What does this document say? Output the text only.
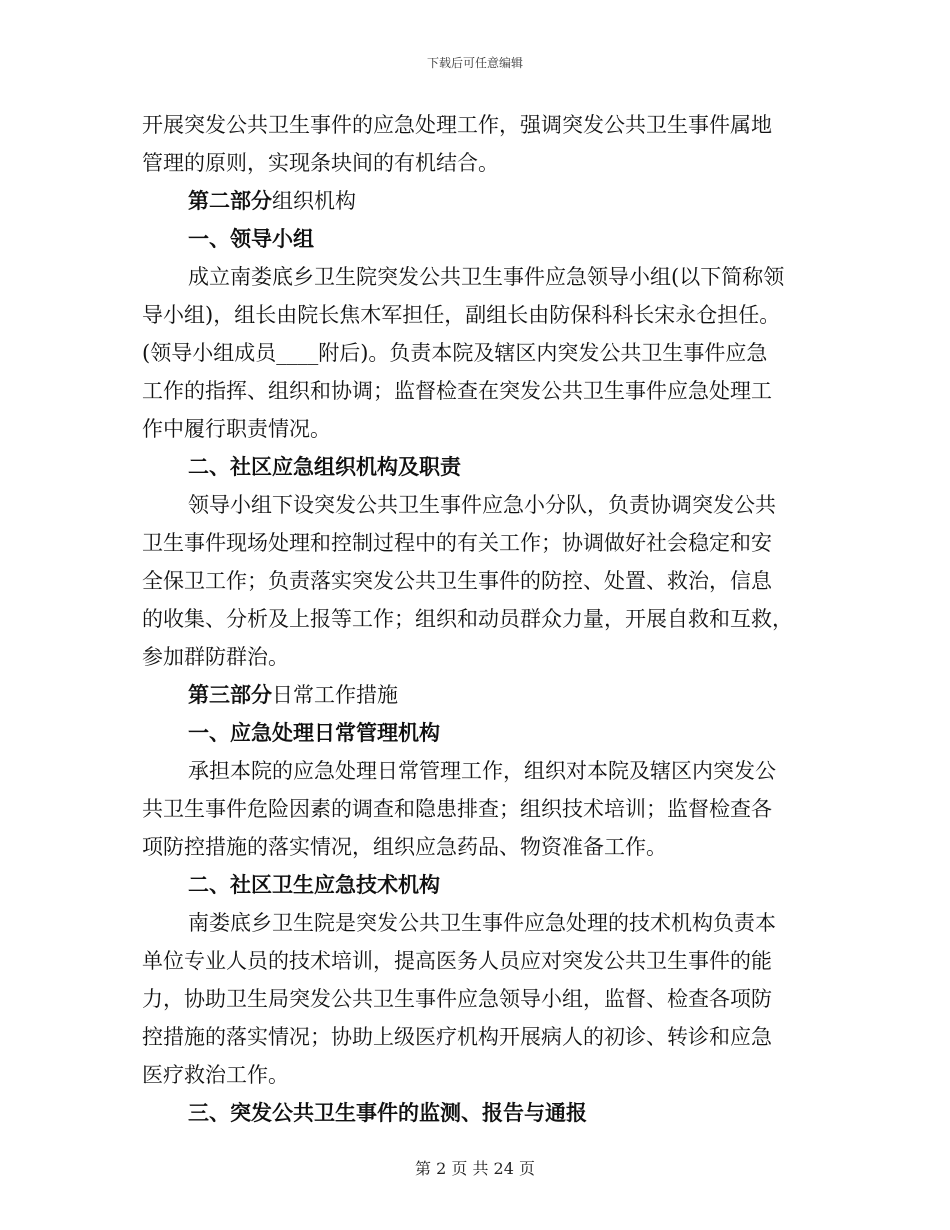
下载后可任意编辑
开展突发公共卫生事件的应急处理工作，强调突发公共卫生事件属地
管理的原则，实现条块间的有机结合。
第二部分组织机构
一、领导小组
成立南娄底乡卫生院突发公共卫生事件应急领导小组(以下简称领
导小组)，组长由院长焦木军担任，副组长由防保科科长宋永仓担任。
(领导小组成员____附后)。负责本院及辖区内突发公共卫生事件应急
工作的指挥、组织和协调；监督检查在突发公共卫生事件应急处理工
作中履行职责情况。
二、社区应急组织机构及职责
领导小组下设突发公共卫生事件应急小分队，负责协调突发公共
卫生事件现场处理和控制过程中的有关工作；协调做好社会稳定和安
全保卫工作；负责落实突发公共卫生事件的防控、处置、救治，信息
的收集、分析及上报等工作；组织和动员群众力量，开展自救和互救，
参加群防群治。
第三部分日常工作措施
一、应急处理日常管理机构
承担本院的应急处理日常管理工作，组织对本院及辖区内突发公
共卫生事件危险因素的调查和隐患排查；组织技术培训；监督检查各
项防控措施的落实情况，组织应急药品、物资准备工作。
二、社区卫生应急技术机构
南娄底乡卫生院是突发公共卫生事件应急处理的技术机构负责本
单位专业人员的技术培训，提高医务人员应对突发公共卫生事件的能
力，协助卫生局突发公共卫生事件应急领导小组，监督、检查各项防
控措施的落实情况；协助上级医疗机构开展病人的初诊、转诊和应急
医疗救治工作。
三、突发公共卫生事件的监测、报告与通报
第 2 页 共 24 页
